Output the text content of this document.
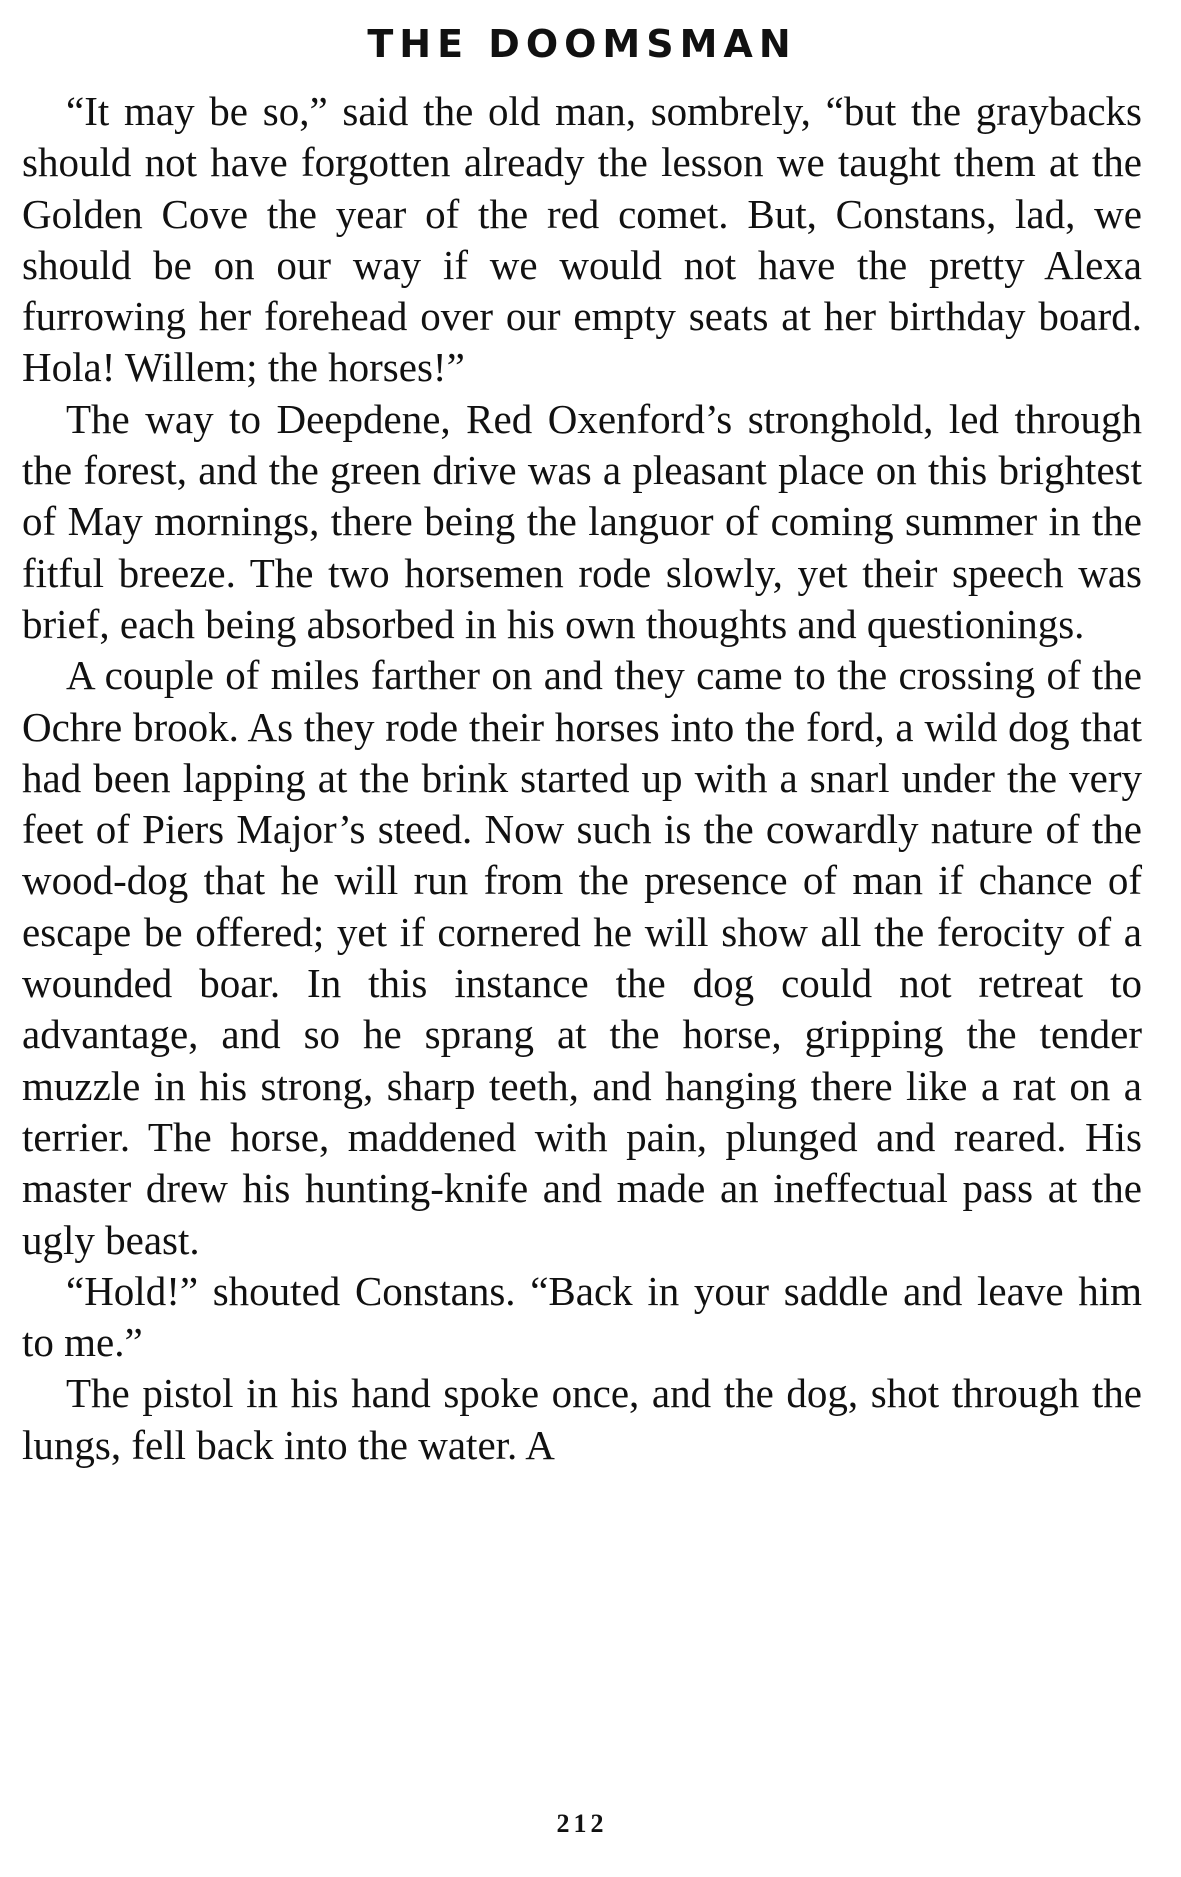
THE DOOMSMAN

“It may be so,” said the old man, sombrely, “but the graybacks should not have forgotten already the lesson we taught them at the Golden Cove the year of the red comet. But, Constans, lad, we should be on our way if we would not have the pretty Alexa furrowing her forehead over our empty seats at her birthday board. Hola! Willem; the horses!”

The way to Deepdene, Red Oxenford’s stronghold, led through the forest, and the green drive was a pleasant place on this brightest of May mornings, there being the languor of coming summer in the fitful breeze. The two horsemen rode slowly, yet their speech was brief, each being absorbed in his own thoughts and questionings.

A couple of miles farther on and they came to the crossing of the Ochre brook. As they rode their horses into the ford, a wild dog that had been lapping at the brink started up with a snarl under the very feet of Piers Major’s steed. Now such is the cowardly nature of the wood-dog that he will run from the presence of man if chance of escape be offered; yet if cornered he will show all the ferocity of a wounded boar. In this instance the dog could not retreat to advantage, and so he sprang at the horse, gripping the tender muzzle in his strong, sharp teeth, and hanging there like a rat on a terrier. The horse, maddened with pain, plunged and reared. His master drew his hunting-knife and made an ineffectual pass at the ugly beast.

“Hold!” shouted Constans. “Back in your saddle and leave him to me.”

The pistol in his hand spoke once, and the dog, shot through the lungs, fell back into the water. A

212
